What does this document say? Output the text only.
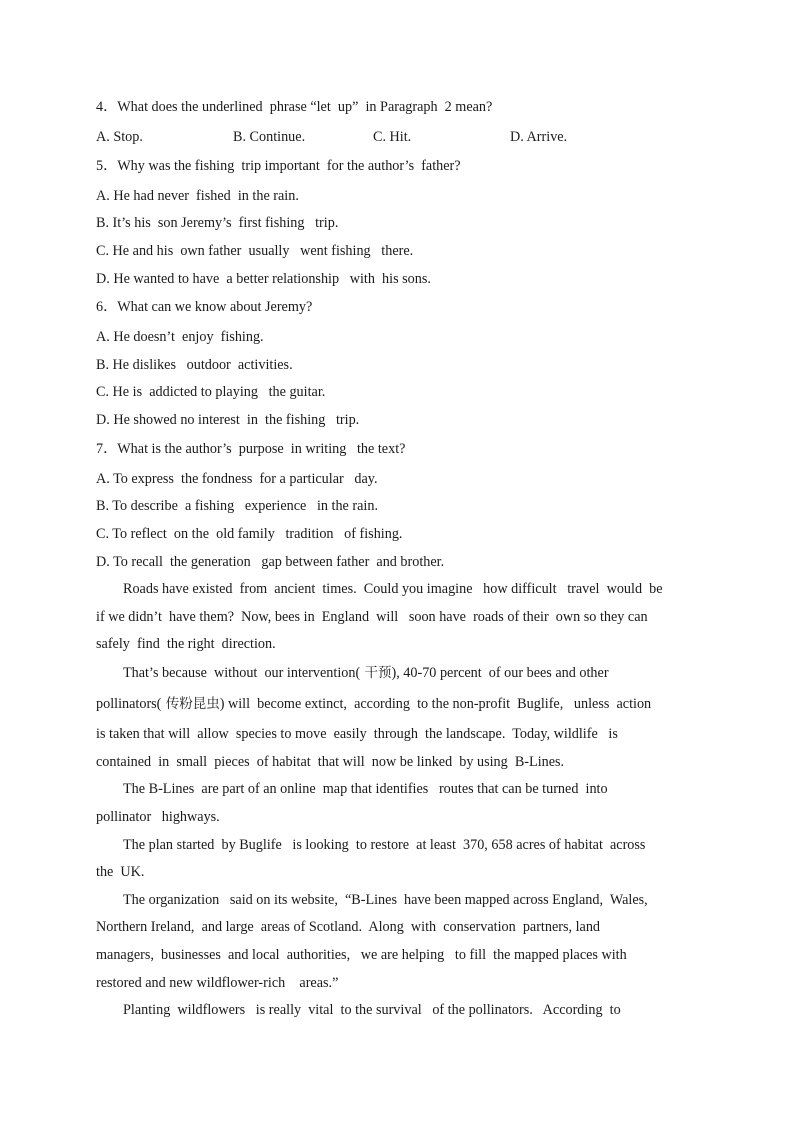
4．What does the underlined  phrase “let  up”  in Paragraph  2 mean?
A. Stop.	B. Continue.	C. Hit.	D. Arrive.
5．Why was the fishing  trip important  for the author’s  father?
A. He had never  fished  in the rain.
B. It’s his  son Jeremy’s  first fishing   trip.
C. He and his  own father  usually   went fishing   there.
D. He wanted to have  a better relationship   with  his sons.
6．What can we know about Jeremy?
A. He doesn’t  enjoy  fishing.
B. He dislikes   outdoor  activities.
C. He is  addicted to playing   the guitar.
D. He showed no interest  in  the fishing   trip.
7．What is the author’s  purpose  in writing   the text?
A. To express  the fondness  for a particular   day.
B. To describe  a fishing   experience   in the rain.
C. To reflect  on the  old family   tradition   of fishing.
D. To recall  the generation   gap between father  and brother.
Roads have existed  from  ancient  times.  Could you imagine   how difficult   travel  would  be
if we didn’t  have them?  Now, bees in  England  will   soon have  roads of their  own so they can
safely  find  the right  direction.
That’s because  without  our intervention( 干预), 40-70 percent  of our bees and other
pollinators( 传粉昆虫) will  become extinct,  according  to the non-profit  Buglife,   unless  action
is taken that will  allow  species to move  easily  through  the landscape.  Today, wildlife   is
contained  in  small  pieces  of habitat  that will  now be linked  by using  B-Lines.
The B-Lines  are part of an online  map that identifies   routes that can be turned  into
pollinator   highways.
The plan started  by Buglife   is looking  to restore  at least  370, 658 acres of habitat  across
the  UK.
The organization   said on its website,  “B-Lines  have been mapped across England,  Wales,
Northern Ireland,  and large  areas of Scotland.  Along  with  conservation  partners, land
managers,  businesses  and local  authorities,   we are helping   to fill  the mapped places with
restored and new wildflower-rich    areas.”
Planting  wildflowers   is really  vital  to the survival   of the pollinators.   According  to
